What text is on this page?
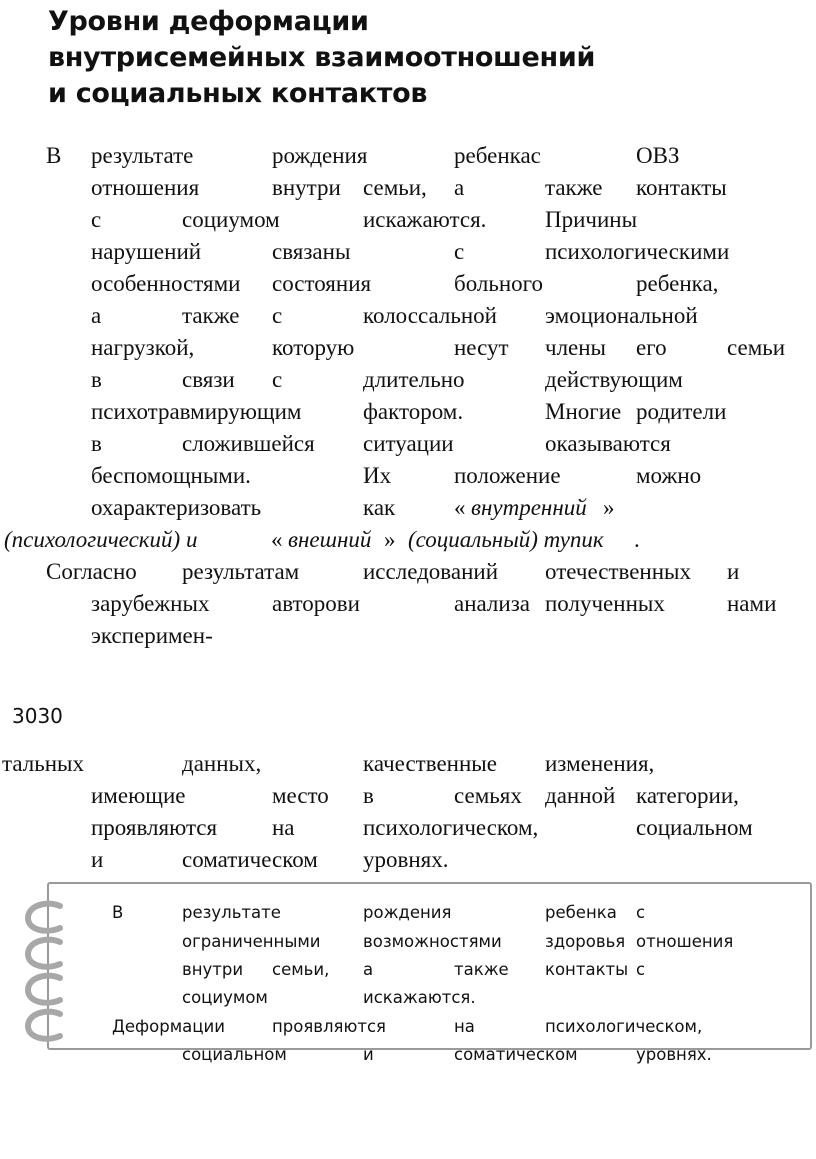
Уровни деформации
внутрисемейных взаимоотношений
и социальных контактов
В результате	рождения	ребенкас	ОВЗ
отношения	внутри семьи, а	также контакты
с	социумом	искажаются.	Причины
нарушений	связаны	с	психологическими
особенностями состояния	больного	ребенка,
а	также с	колоссальной эмоциональной
нагрузкой,	которую	несут члены его	семьи
в	связи с	длительно	действующим
психотравмирующим	фактором.	Многие родители
в	сложившейся ситуации	оказываются
беспомощными.	Их	положение	можно
охарактеризовать	как	« внутренний »
(психологический) и	« внешний » (социальный) тупик .
Согласно результатам	исследований отечественных и
зарубежных	авторови	анализа полученных	нами
эксперимен-
3030
тальных	данных,	качественные изменения,
имеющие	место в	семьях данной категории,
проявляются на	психологическом,	социальном
и	соматическом уровнях.
В	результате	рождения	ребенка с
ограниченными	возможностями	здоровья отношения
внутри семьи, а	также контакты с
социумом	искажаются.
Деформации	проявляются	на	психологическом,
социальном	и	соматическом	уровнях.
